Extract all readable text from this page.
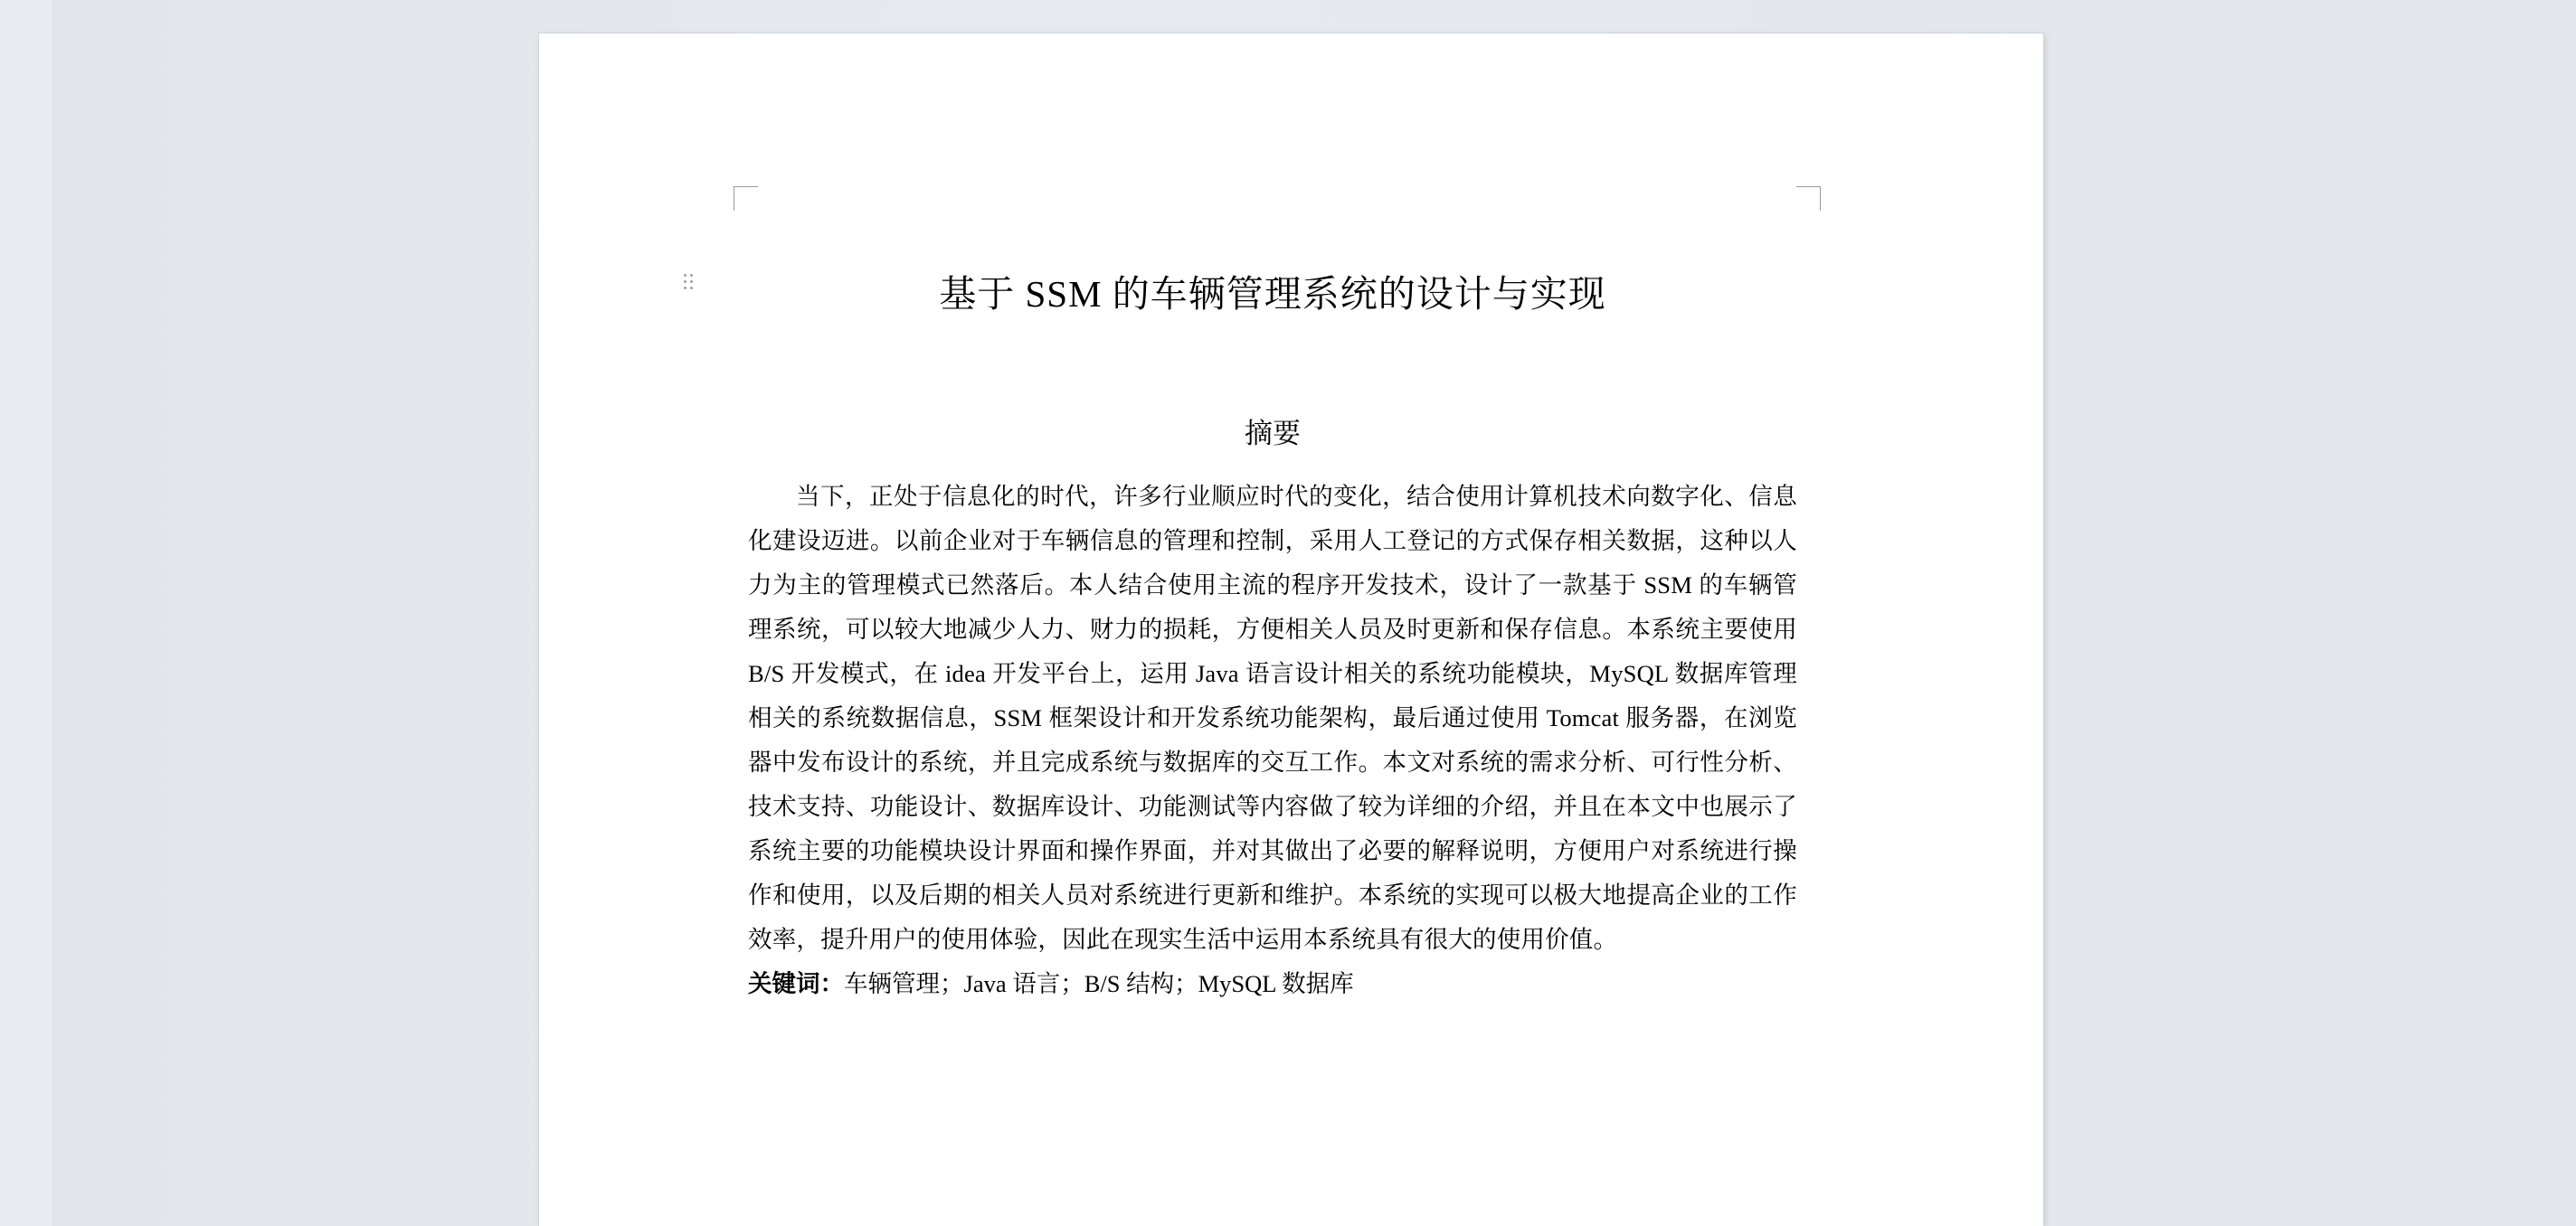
基于 SSM 的车辆管理系统的设计与实现
摘要

当下，正处于信息化的时代，许多行业顺应时代的变化，结合使用计算机技术向数字化、信息化建设迈进。以前企业对于车辆信息的管理和控制，采用人工登记的方式保存相关数据，这种以人力为主的管理模式已然落后。本人结合使用主流的程序开发技术，设计了一款基于 SSM 的车辆管理系统，可以较大地减少人力、财力的损耗，方便相关人员及时更新和保存信息。本系统主要使用 B/S 开发模式，在 idea 开发平台上，运用 Java 语言设计相关的系统功能模块，MySQL 数据库管理相关的系统数据信息，SSM 框架设计和开发系统功能架构，最后通过使用 Tomcat 服务器，在浏览器中发布设计的系统，并且完成系统与数据库的交互工作。本文对系统的需求分析、可行性分析、技术支持、功能设计、数据库设计、功能测试等内容做了较为详细的介绍，并且在本文中也展示了系统主要的功能模块设计界面和操作界面，并对其做出了必要的解释说明，方便用户对系统进行操作和使用，以及后期的相关人员对系统进行更新和维护。本系统的实现可以极大地提高企业的工作效率，提升用户的使用体验，因此在现实生活中运用本系统具有很大的使用价值。

关键词：车辆管理；Java 语言；B/S 结构；MySQL 数据库
